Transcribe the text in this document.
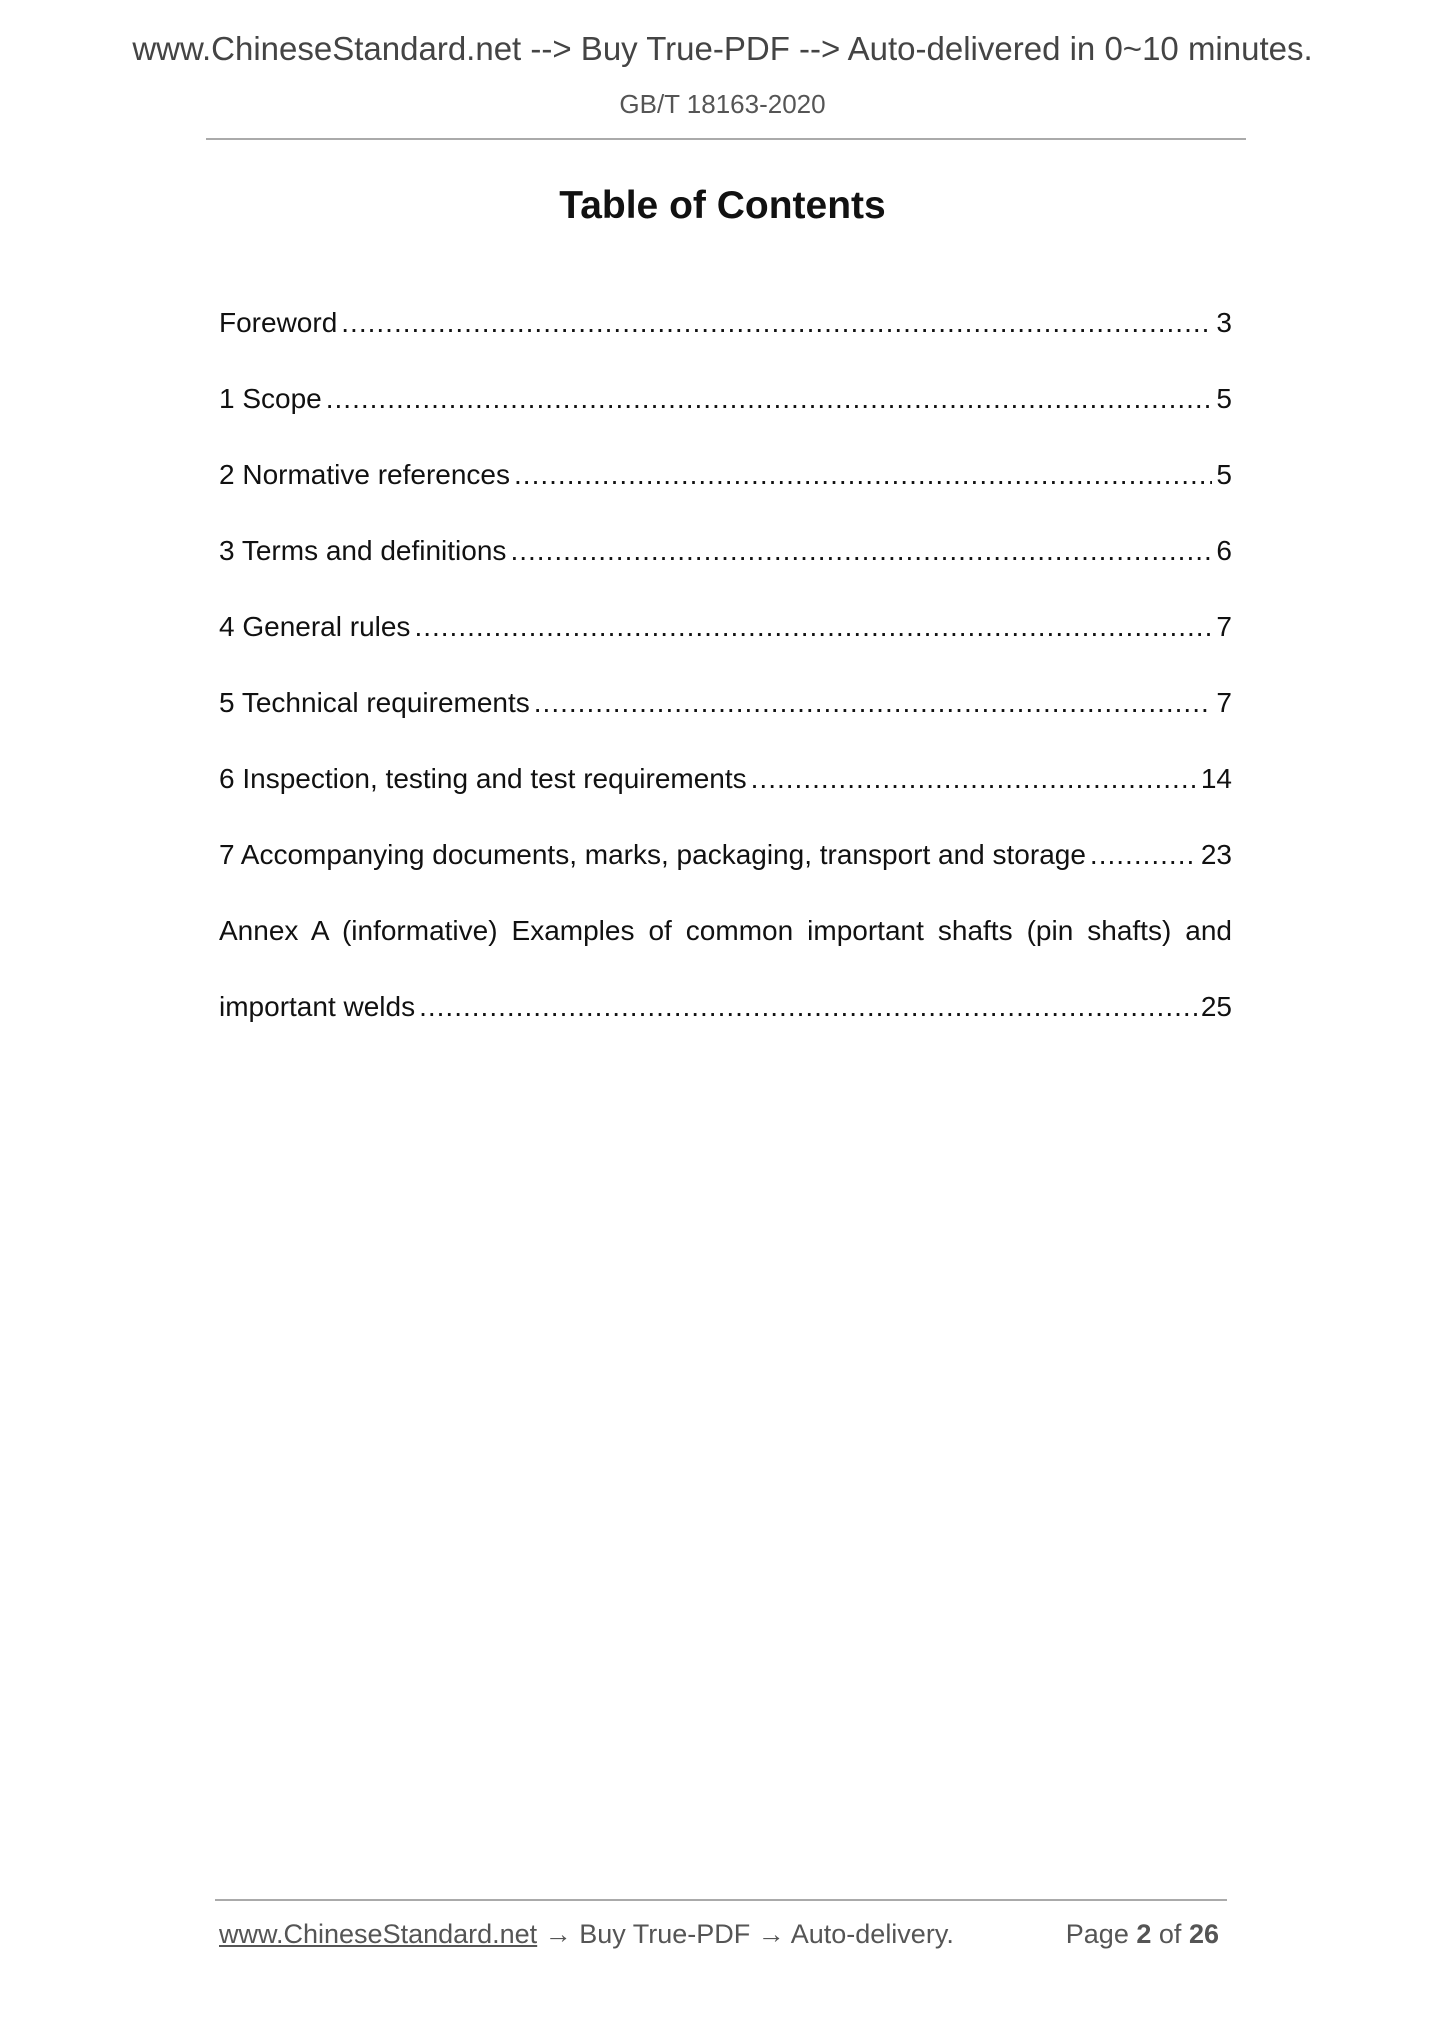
www.ChineseStandard.net --> Buy True-PDF --> Auto-delivered in 0~10 minutes.
GB/T 18163-2020
Table of Contents
Foreword .....	3
1 Scope .....	5
2 Normative references .....	5
3 Terms and definitions .....	6
4 General rules .....	7
5 Technical requirements .....	7
6 Inspection, testing and test requirements .....	14
7 Accompanying documents, marks, packaging, transport and storage .....	23
Annex A (informative) Examples of common important shafts (pin shafts) and
important welds .....	25
www.ChineseStandard.net → Buy True-PDF → Auto-delivery.	Page 2 of 26
